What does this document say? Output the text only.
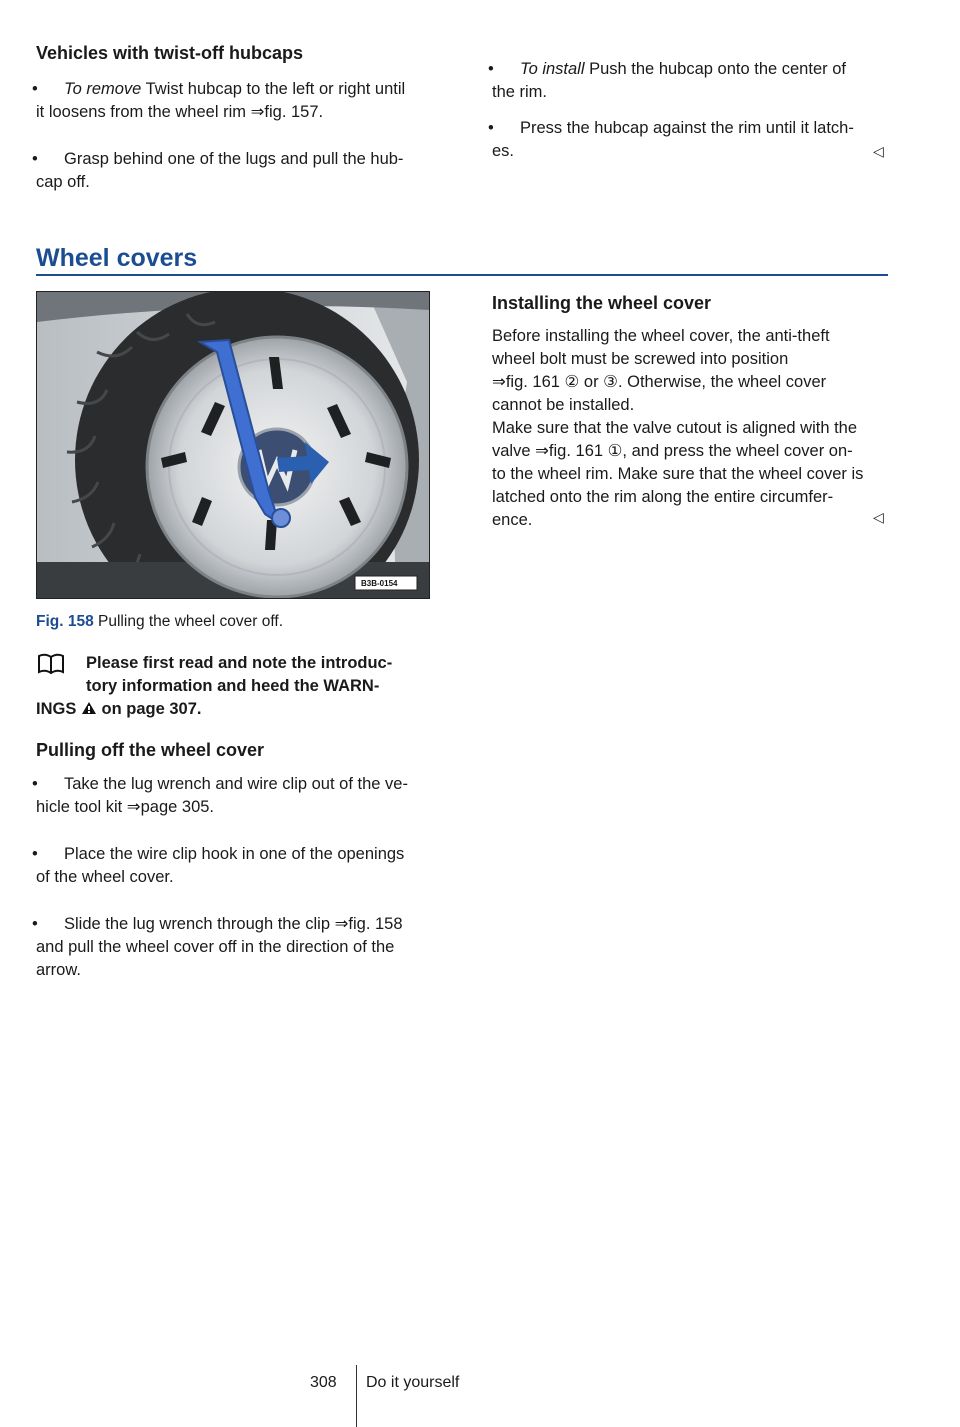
Vehicles with twist-off hubcaps
•	To remove Twist hubcap to the left or right until
it loosens from the wheel rim ⇒fig. 157.
•	Grasp behind one of the lugs and pull the hub-
cap off.
•	To install Push the hubcap onto the center of
the rim.
•	Press the hubcap against the rim until it latch-
es.	◁
Wheel covers
B3B-0154
Fig. 158 Pulling the wheel cover off.
Please first read and note the introduc-
tory information and heed the WARN-
INGS on page 307.
Pulling off the wheel cover
•	Take the lug wrench and wire clip out of the ve-
hicle tool kit ⇒page 305.
•	Place the wire clip hook in one of the openings
of the wheel cover.
•	Slide the lug wrench through the clip ⇒fig. 158
and pull the wheel cover off in the direction of the
arrow.
Installing the wheel cover
Before installing the wheel cover, the anti-theft
wheel bolt must be screwed into position
⇒fig. 161 ② or ③. Otherwise, the wheel cover
cannot be installed.
Make sure that the valve cutout is aligned with the
valve ⇒fig. 161 ①, and press the wheel cover on-
to the wheel rim. Make sure that the wheel cover is
latched onto the rim along the entire circumfer-
ence.	◁
308 Do it yourself
